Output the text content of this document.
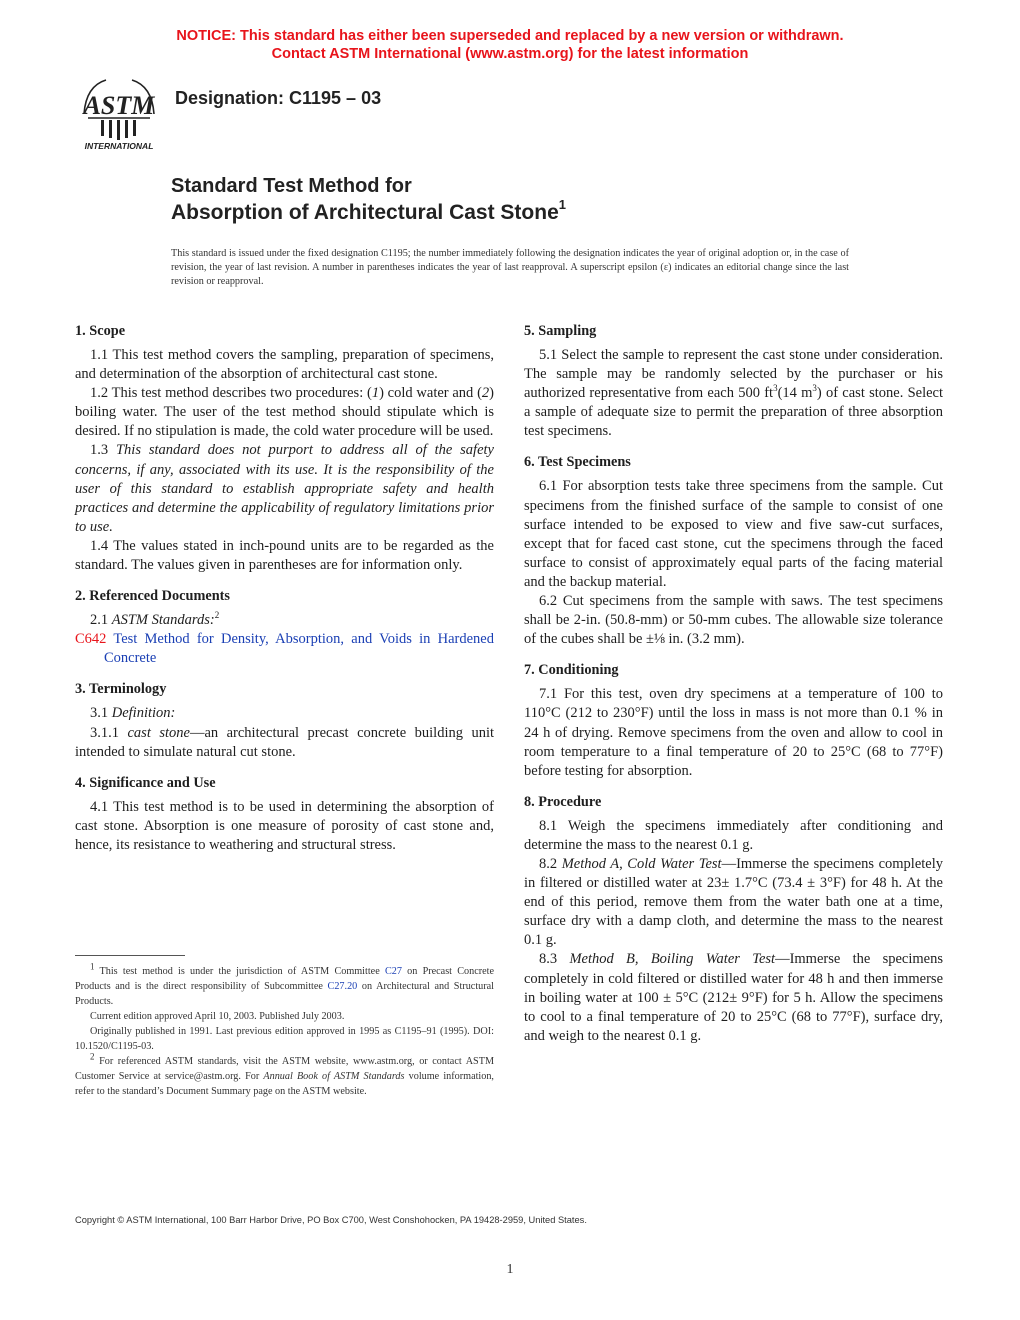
NOTICE: This standard has either been superseded and replaced by a new version or withdrawn.
Contact ASTM International (www.astm.org) for the latest information
ASTM
INTERNATIONAL
Designation: C1195 – 03
Standard Test Method for
Absorption of Architectural Cast Stone$^1$
This standard is issued under the fixed designation C1195; the number immediately following the designation indicates the year of original adoption or, in the case of revision, the year of last revision. A number in parentheses indicates the year of last reapproval. A superscript epsilon (ε) indicates an editorial change since the last revision or reapproval.
1. Scope

1.1 This test method covers the sampling, preparation of specimens, and determination of the absorption of architectural cast stone.

1.2 This test method describes two procedures: (1) cold water and (2) boiling water. The user of the test method should stipulate which is desired. If no stipulation is made, the cold water procedure will be used.

1.3 This standard does not purport to address all of the safety concerns, if any, associated with its use. It is the responsibility of the user of this standard to establish appropriate safety and health practices and determine the applicability of regulatory limitations prior to use.

1.4 The values stated in inch-pound units are to be regarded as the standard. The values given in parentheses are for information only.

2. Referenced Documents

2.1 ASTM Standards:$^2$

C642 Test Method for Density, Absorption, and Voids in Hardened Concrete

3. Terminology

3.1 Definition:

3.1.1 cast stone—an architectural precast concrete building unit intended to simulate natural cut stone.

4. Significance and Use

4.1 This test method is to be used in determining the absorption of cast stone. Absorption is one measure of porosity of cast stone and, hence, its resistance to weathering and structural stress.

5. Sampling

5.1 Select the sample to represent the cast stone under consideration. The sample may be randomly selected by the purchaser or his authorized representative from each 500 $ft^3(14$ $m^3$) of cast stone. Select a sample of adequate size to permit the preparation of three absorption test specimens.

6. Test Specimens

6.1 For absorption tests take three specimens from the sample. Cut specimens from the finished surface of the sample to consist of one surface intended to be exposed to view and five saw-cut surfaces, except that for faced cast stone, cut the specimens through the faced surface to consist of approximately equal parts of the facing material and the backup material.

6.2 Cut specimens from the sample with saws. The test specimens shall be 2-in. (50.8-mm) or 50-mm cubes. The allowable size tolerance of the cubes shall be ±⅛ in. (3.2 mm).

7. Conditioning

7.1 For this test, oven dry specimens at a temperature of 100 to 110°C (212 to 230°F) until the loss in mass is not more than 0.1 % in 24 h of drying. Remove specimens from the oven and allow to cool in room temperature to a final temperature of 20 to 25°C (68 to 77°F) before testing for absorption.

8. Procedure

8.1 Weigh the specimens immediately after conditioning and determine the mass to the nearest 0.1 g.

8.2 Method A, Cold Water Test—Immerse the specimens completely in filtered or distilled water at 23± 1.7°C (73.4 ± 3°F) for 48 h. At the end of this period, remove them from the water bath one at a time, surface dry with a damp cloth, and determine the mass to the nearest 0.1 g.

8.3 Method B, Boiling Water Test—Immerse the specimens completely in cold filtered or distilled water for 48 h and then immerse in boiling water at 100 ± 5°C (212± 9°F) for 5 h. Allow the specimens to cool to a final temperature of 20 to 25°C (68 to 77°F), surface dry, and weigh to the nearest 0.1 g.

$^1$ This test method is under the jurisdiction of ASTM Committee C27 on Precast Concrete Products and is the direct responsibility of Subcommittee C27.20 on Architectural and Structural Products.

Current edition approved April 10, 2003. Published July 2003.

Originally published in 1991. Last previous edition approved in 1995 as C1195–91 (1995). DOI: 10.1520/C1195-03.

$^2$ For referenced ASTM standards, visit the ASTM website, www.astm.org, or contact ASTM Customer Service at service@astm.org. For Annual Book of ASTM Standards volume information, refer to the standard’s Document Summary page on the ASTM website.

Copyright © ASTM International, 100 Barr Harbor Drive, PO Box C700, West Conshohocken, PA 19428-2959, United States.
1
